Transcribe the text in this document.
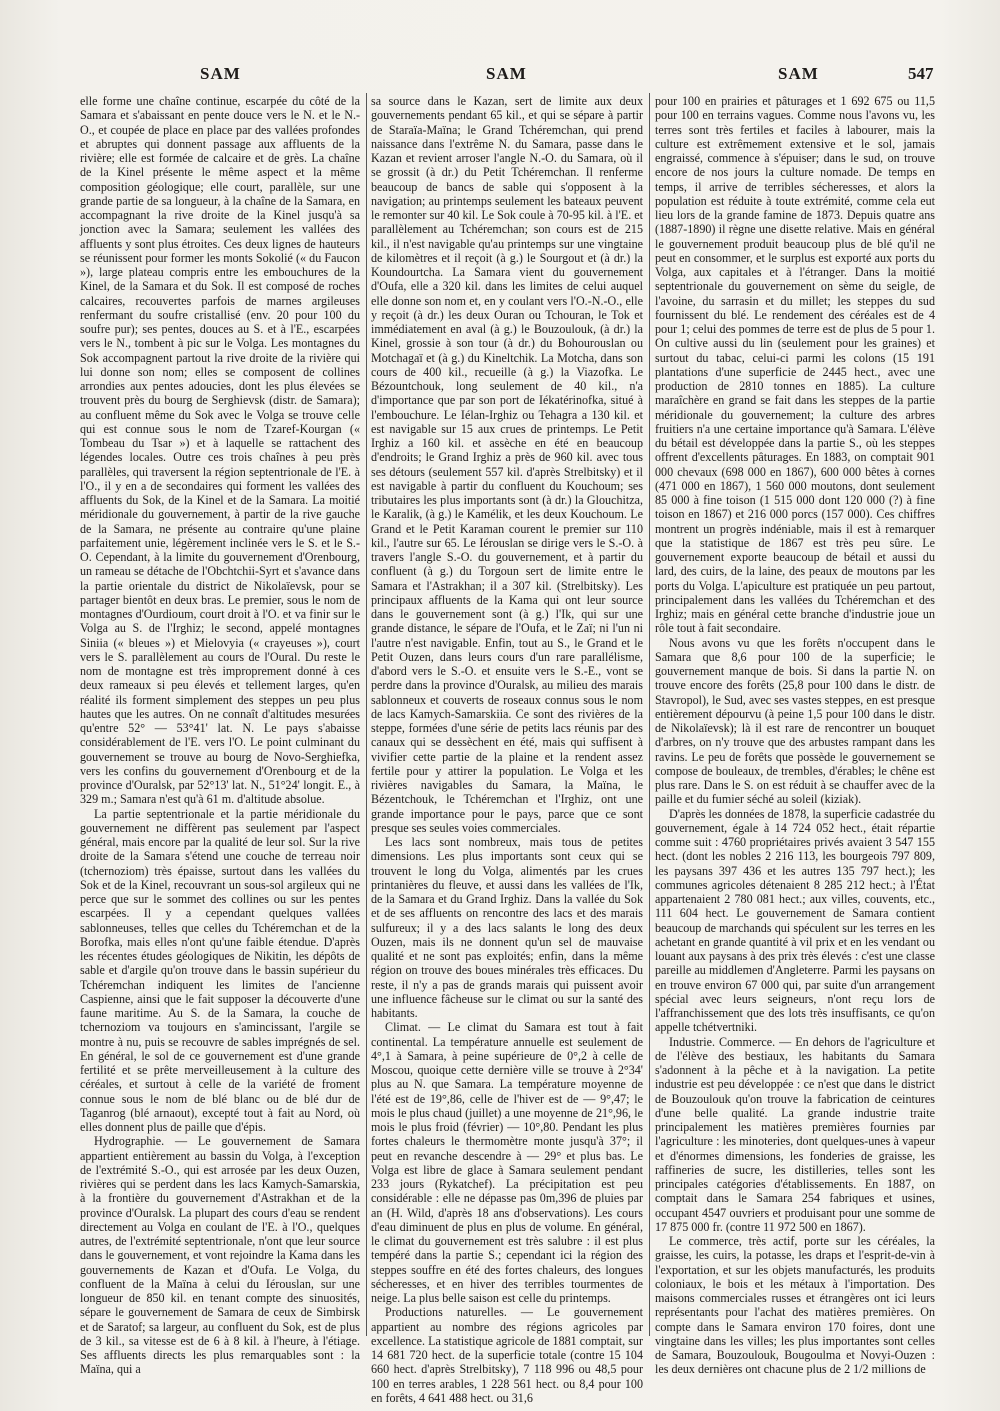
SAM	SAM	SAM	547

elle forme une chaîne continue, escarpée du côté de la Samara et s'abaissant en pente douce vers le N. et le N.-O., et coupée de place en place par des vallées profondes et abruptes qui donnent passage aux affluents de la rivière; elle est formée de calcaire et de grès. La chaîne de la Kinel présente le même aspect et la même composition géologique; elle court, parallèle, sur une grande partie de sa longueur, à la chaîne de la Samara, en accompagnant la rive droite de la Kinel jusqu'à sa jonction avec la Samara; seulement les vallées des affluents y sont plus étroites. Ces deux lignes de hauteurs se réunissent pour former les monts Sokolié (« du Faucon »), large plateau compris entre les embouchures de la Kinel, de la Samara et du Sok. Il est composé de roches calcaires, recouvertes parfois de marnes argileuses renfermant du soufre cristallisé (env. 20 pour 100 du soufre pur); ses pentes, douces au S. et à l'E., escarpées vers le N., tombent à pic sur le Volga. Les montagnes du Sok accompagnent partout la rive droite de la rivière qui lui donne son nom; elles se composent de collines arrondies aux pentes adoucies, dont les plus élevées se trouvent près du bourg de Serghievsk (distr. de Samara); au confluent même du Sok avec le Volga se trouve celle qui est connue sous le nom de Tzaref-Kourgan (« Tombeau du Tsar ») et à laquelle se rattachent des légendes locales. Outre ces trois chaînes à peu près parallèles, qui traversent la région septentrionale de l'E. à l'O., il y en a de secondaires qui forment les vallées des affluents du Sok, de la Kinel et de la Samara. La moitié méridionale du gouvernement, à partir de la rive gauche de la Samara, ne présente au contraire qu'une plaine parfaitement unie, légèrement inclinée vers le S. et le S.-O. Cependant, à la limite du gouvernement d'Orenbourg, un rameau se détache de l'Obchtchii-Syrt et s'avance dans la partie orientale du district de Nikolaïevsk, pour se partager bientôt en deux bras. Le premier, sous le nom de montagnes d'Ourdioum, court droit à l'O. et va finir sur le Volga au S. de l'Irghiz; le second, appelé montagnes Siniia (« bleues ») et Mielovyia (« crayeuses »), court vers le S. parallèlement au cours de l'Oural. Du reste le nom de montagne est très improprement donné à ces deux rameaux si peu élevés et tellement larges, qu'en réalité ils forment simplement des steppes un peu plus hautes que les autres. On ne connaît d'altitudes mesurées qu'entre 52° — 53°41' lat. N. Le pays s'abaisse considérablement de l'E. vers l'O. Le point culminant du gouvernement se trouve au bourg de Novo-Serghiefka, vers les confins du gouvernement d'Orenbourg et de la province d'Ouralsk, par 52°13' lat. N., 51°24' longit. E., à 329 m.; Samara n'est qu'à 61 m. d'altitude absolue.

La partie septentrionale et la partie méridionale du gouvernement ne diffèrent pas seulement par l'aspect général, mais encore par la qualité de leur sol. Sur la rive droite de la Samara s'étend une couche de terreau noir (tchernoziom) très épaisse, surtout dans les vallées du Sok et de la Kinel, recouvrant un sous-sol argileux qui ne perce que sur le sommet des collines ou sur les pentes escarpées. Il y a cependant quelques vallées sablonneuses, telles que celles du Tchéremchan et de la Borofka, mais elles n'ont qu'une faible étendue. D'après les récentes études géologiques de Nikitin, les dépôts de sable et d'argile qu'on trouve dans le bassin supérieur du Tchéremchan indiquent les limites de l'ancienne Caspienne, ainsi que le fait supposer la découverte d'une faune maritime. Au S. de la Samara, la couche de tchernoziom va toujours en s'amincissant, l'argile se montre à nu, puis se recouvre de sables imprégnés de sel. En général, le sol de ce gouvernement est d'une grande fertilité et se prête merveilleusement à la culture des céréales, et surtout à celle de la variété de froment connue sous le nom de blé blanc ou de blé dur de Taganrog (blé arnaout), excepté tout à fait au Nord, où elles donnent plus de paille que d'épis.

Hydrographie. — Le gouvernement de Samara appartient entièrement au bassin du Volga, à l'exception de l'extrémité S.-O., qui est arrosée par les deux Ouzen, rivières qui se perdent dans les lacs Kamych-Samarskia, à la frontière du gouvernement d'Astrakhan et de la province d'Ouralsk. La plupart des cours d'eau se rendent directement au Volga en coulant de l'E. à l'O., quelques autres, de l'extrémité septentrionale, n'ont que leur source dans le gouvernement, et vont rejoindre la Kama dans les gouvernements de Kazan et d'Oufa. Le Volga, du confluent de la Maïna à celui du Iérouslan, sur une longueur de 850 kil. en tenant compte des sinuosités, sépare le gouvernement de Samara de ceux de Simbirsk et de Saratof; sa largeur, au confluent du Sok, est de plus de 3 kil., sa vitesse est de 6 à 8 kil. à l'heure, à l'étiage. Ses affluents directs les plus remarquables sont : la Maïna, qui a

sa source dans le Kazan, sert de limite aux deux gouvernements pendant 65 kil., et qui se sépare à partir de Staraïa-Maïna; le Grand Tchéremchan, qui prend naissance dans l'extrême N. du Samara, passe dans le Kazan et revient arroser l'angle N.-O. du Samara, où il se grossit (à dr.) du Petit Tchéremchan. Il renferme beaucoup de bancs de sable qui s'opposent à la navigation; au printemps seulement les bateaux peuvent le remonter sur 40 kil. Le Sok coule à 70-95 kil. à l'E. et parallèlement au Tchéremchan; son cours est de 215 kil., il n'est navigable qu'au printemps sur une vingtaine de kilomètres et il reçoit (à g.) le Sourgout et (à dr.) la Koundourtcha. La Samara vient du gouvernement d'Oufa, elle a 320 kil. dans les limites de celui auquel elle donne son nom et, en y coulant vers l'O.-N.-O., elle y reçoit (à dr.) les deux Ouran ou Tchouran, le Tok et immédiatement en aval (à g.) le Bouzoulouk, (à dr.) la Kinel, grossie à son tour (à dr.) du Bohourouslan ou Motchagaï et (à g.) du Kineltchik. La Motcha, dans son cours de 400 kil., recueille (à g.) la Viazofka. Le Bézountchouk, long seulement de 40 kil., n'a d'importance que par son port de Iékatérinofka, situé à l'embouchure. Le Iélan-Irghiz ou Tehagra a 130 kil. et est navigable sur 15 aux crues de printemps. Le Petit Irghiz a 160 kil. et assèche en été en beaucoup d'endroits; le Grand Irghiz a près de 960 kil. avec tous ses détours (seulement 557 kil. d'après Strelbitsky) et il est navigable à partir du confluent du Kouchoum; ses tributaires les plus importants sont (à dr.) la Glouchitza, le Karalik, (à g.) le Kamélik, et les deux Kouchoum. Le Grand et le Petit Karaman courent le premier sur 110 kil., l'autre sur 65. Le Iérouslan se dirige vers le S.-O. à travers l'angle S.-O. du gouvernement, et à partir du confluent (à g.) du Torgoun sert de limite entre le Samara et l'Astrakhan; il a 307 kil. (Strelbitsky). Les principaux affluents de la Kama qui ont leur source dans le gouvernement sont (à g.) l'Ik, qui sur une grande distance, le sépare de l'Oufa, et le Zaï; ni l'un ni l'autre n'est navigable. Enfin, tout au S., le Grand et le Petit Ouzen, dans leurs cours d'un rare parallélisme, d'abord vers le S.-O. et ensuite vers le S.-E., vont se perdre dans la province d'Ouralsk, au milieu des marais sablonneux et couverts de roseaux connus sous le nom de lacs Kamych-Samarskiia. Ce sont des rivières de la steppe, formées d'une série de petits lacs réunis par des canaux qui se dessèchent en été, mais qui suffisent à vivifier cette partie de la plaine et la rendent assez fertile pour y attirer la population. Le Volga et les rivières navigables du Samara, la Maïna, le Bézentchouk, le Tchéremchan et l'Irghiz, ont une grande importance pour le pays, parce que ce sont presque ses seules voies commerciales.

Les lacs sont nombreux, mais tous de petites dimensions. Les plus importants sont ceux qui se trouvent le long du Volga, alimentés par les crues printanières du fleuve, et aussi dans les vallées de l'Ik, de la Samara et du Grand Irghiz. Dans la vallée du Sok et de ses affluents on rencontre des lacs et des marais sulfureux; il y a des lacs salants le long des deux Ouzen, mais ils ne donnent qu'un sel de mauvaise qualité et ne sont pas exploités; enfin, dans la même région on trouve des boues minérales très efficaces. Du reste, il n'y a pas de grands marais qui puissent avoir une influence fâcheuse sur le climat ou sur la santé des habitants.

Climat. — Le climat du Samara est tout à fait continental. La température annuelle est seulement de 4°,1 à Samara, à peine supérieure de 0°,2 à celle de Moscou, quoique cette dernière ville se trouve à 2°34' plus au N. que Samara. La température moyenne de l'été est de 19°,86, celle de l'hiver est de — 9°,47; le mois le plus chaud (juillet) a une moyenne de 21°,96, le mois le plus froid (février) — 10°,80. Pendant les plus fortes chaleurs le thermomètre monte jusqu'à 37°; il peut en revanche descendre à — 29° et plus bas. Le Volga est libre de glace à Samara seulement pendant 233 jours (Rykatchef). La précipitation est peu considérable : elle ne dépasse pas 0m,396 de pluies par an (H. Wild, d'après 18 ans d'observations). Les cours d'eau diminuent de plus en plus de volume. En général, le climat du gouvernement est très salubre : il est plus tempéré dans la partie S.; cependant ici la région des steppes souffre en été des fortes chaleurs, des longues sécheresses, et en hiver des terribles tourmentes de neige. La plus belle saison est celle du printemps.

Productions naturelles. — Le gouvernement appartient au nombre des régions agricoles par excellence. La statistique agricole de 1881 comptait, sur 14 681 720 hect. de la superficie totale (contre 15 104 660 hect. d'après Strelbitsky), 7 118 996 ou 48,5 pour 100 en terres arables, 1 228 561 hect. ou 8,4 pour 100 en forêts, 4 641 488 hect. ou 31,6

pour 100 en prairies et pâturages et 1 692 675 ou 11,5 pour 100 en terrains vagues. Comme nous l'avons vu, les terres sont très fertiles et faciles à labourer, mais la culture est extrêmement extensive et le sol, jamais engraissé, commence à s'épuiser; dans le sud, on trouve encore de nos jours la culture nomade. De temps en temps, il arrive de terribles sécheresses, et alors la population est réduite à toute extrémité, comme cela eut lieu lors de la grande famine de 1873. Depuis quatre ans (1887-1890) il règne une disette relative. Mais en général le gouvernement produit beaucoup plus de blé qu'il ne peut en consommer, et le surplus est exporté aux ports du Volga, aux capitales et à l'étranger. Dans la moitié septentrionale du gouvernement on sème du seigle, de l'avoine, du sarrasin et du millet; les steppes du sud fournissent du blé. Le rendement des céréales est de 4 pour 1; celui des pommes de terre est de plus de 5 pour 1. On cultive aussi du lin (seulement pour les graines) et surtout du tabac, celui-ci parmi les colons (15 191 plantations d'une superficie de 2445 hect., avec une production de 2810 tonnes en 1885). La culture maraîchère en grand se fait dans les steppes de la partie méridionale du gouvernement; la culture des arbres fruitiers n'a une certaine importance qu'à Samara. L'élève du bétail est développée dans la partie S., où les steppes offrent d'excellents pâturages. En 1883, on comptait 901 000 chevaux (698 000 en 1867), 600 000 bêtes à cornes (471 000 en 1867), 1 560 000 moutons, dont seulement 85 000 à fine toison (1 515 000 dont 120 000 (?) à fine toison en 1867) et 216 000 porcs (157 000). Ces chiffres montrent un progrès indéniable, mais il est à remarquer que la statistique de 1867 est très peu sûre. Le gouvernement exporte beaucoup de bétail et aussi du lard, des cuirs, de la laine, des peaux de moutons par les ports du Volga. L'apiculture est pratiquée un peu partout, principalement dans les vallées du Tchéremchan et des Irghiz; mais en général cette branche d'industrie joue un rôle tout à fait secondaire.

Nous avons vu que les forêts n'occupent dans le Samara que 8,6 pour 100 de la superficie; le gouvernement manque de bois. Si dans la partie N. on trouve encore des forêts (25,8 pour 100 dans le distr. de Stavropol), le Sud, avec ses vastes steppes, en est presque entièrement dépourvu (à peine 1,5 pour 100 dans le distr. de Nikolaïevsk); là il est rare de rencontrer un bouquet d'arbres, on n'y trouve que des arbustes rampant dans les ravins. Le peu de forêts que possède le gouvernement se compose de bouleaux, de trembles, d'érables; le chêne est plus rare. Dans le S. on est réduit à se chauffer avec de la paille et du fumier séché au soleil (kiziak).

D'après les données de 1878, la superficie cadastrée du gouvernement, égale à 14 724 052 hect., était répartie comme suit : 4760 propriétaires privés avaient 3 547 155 hect. (dont les nobles 2 216 113, les bourgeois 797 809, les paysans 397 436 et les autres 135 797 hect.); les communes agricoles détenaient 8 285 212 hect.; à l'État appartenaient 2 780 081 hect.; aux villes, couvents, etc., 111 604 hect. Le gouvernement de Samara contient beaucoup de marchands qui spéculent sur les terres en les achetant en grande quantité à vil prix et en les vendant ou louant aux paysans à des prix très élevés : c'est une classe pareille au middlemen d'Angleterre. Parmi les paysans on en trouve environ 67 000 qui, par suite d'un arrangement spécial avec leurs seigneurs, n'ont reçu lors de l'affranchissement que des lots très insuffisants, ce qu'on appelle tchétvertniki.

Industrie. Commerce. — En dehors de l'agriculture et de l'élève des bestiaux, les habitants du Samara s'adonnent à la pêche et à la navigation. La petite industrie est peu développée : ce n'est que dans le district de Bouzoulouk qu'on trouve la fabrication de ceintures d'une belle qualité. La grande industrie traite principalement les matières premières fournies par l'agriculture : les minoteries, dont quelques-unes à vapeur et d'énormes dimensions, les fonderies de graisse, les raffineries de sucre, les distilleries, telles sont les principales catégories d'établissements. En 1887, on comptait dans le Samara 254 fabriques et usines, occupant 4547 ouvriers et produisant pour une somme de 17 875 000 fr. (contre 11 972 500 en 1867).

Le commerce, très actif, porte sur les céréales, la graisse, les cuirs, la potasse, les draps et l'esprit-de-vin à l'exportation, et sur les objets manufacturés, les produits coloniaux, le bois et les métaux à l'importation. Des maisons commerciales russes et étrangères ont ici leurs représentants pour l'achat des matières premières. On compte dans le Samara environ 170 foires, dont une vingtaine dans les villes; les plus importantes sont celles de Samara, Bouzoulouk, Bougoulma et Novyi-Ouzen : les deux dernières ont chacune plus de 2 1/2 millions de
